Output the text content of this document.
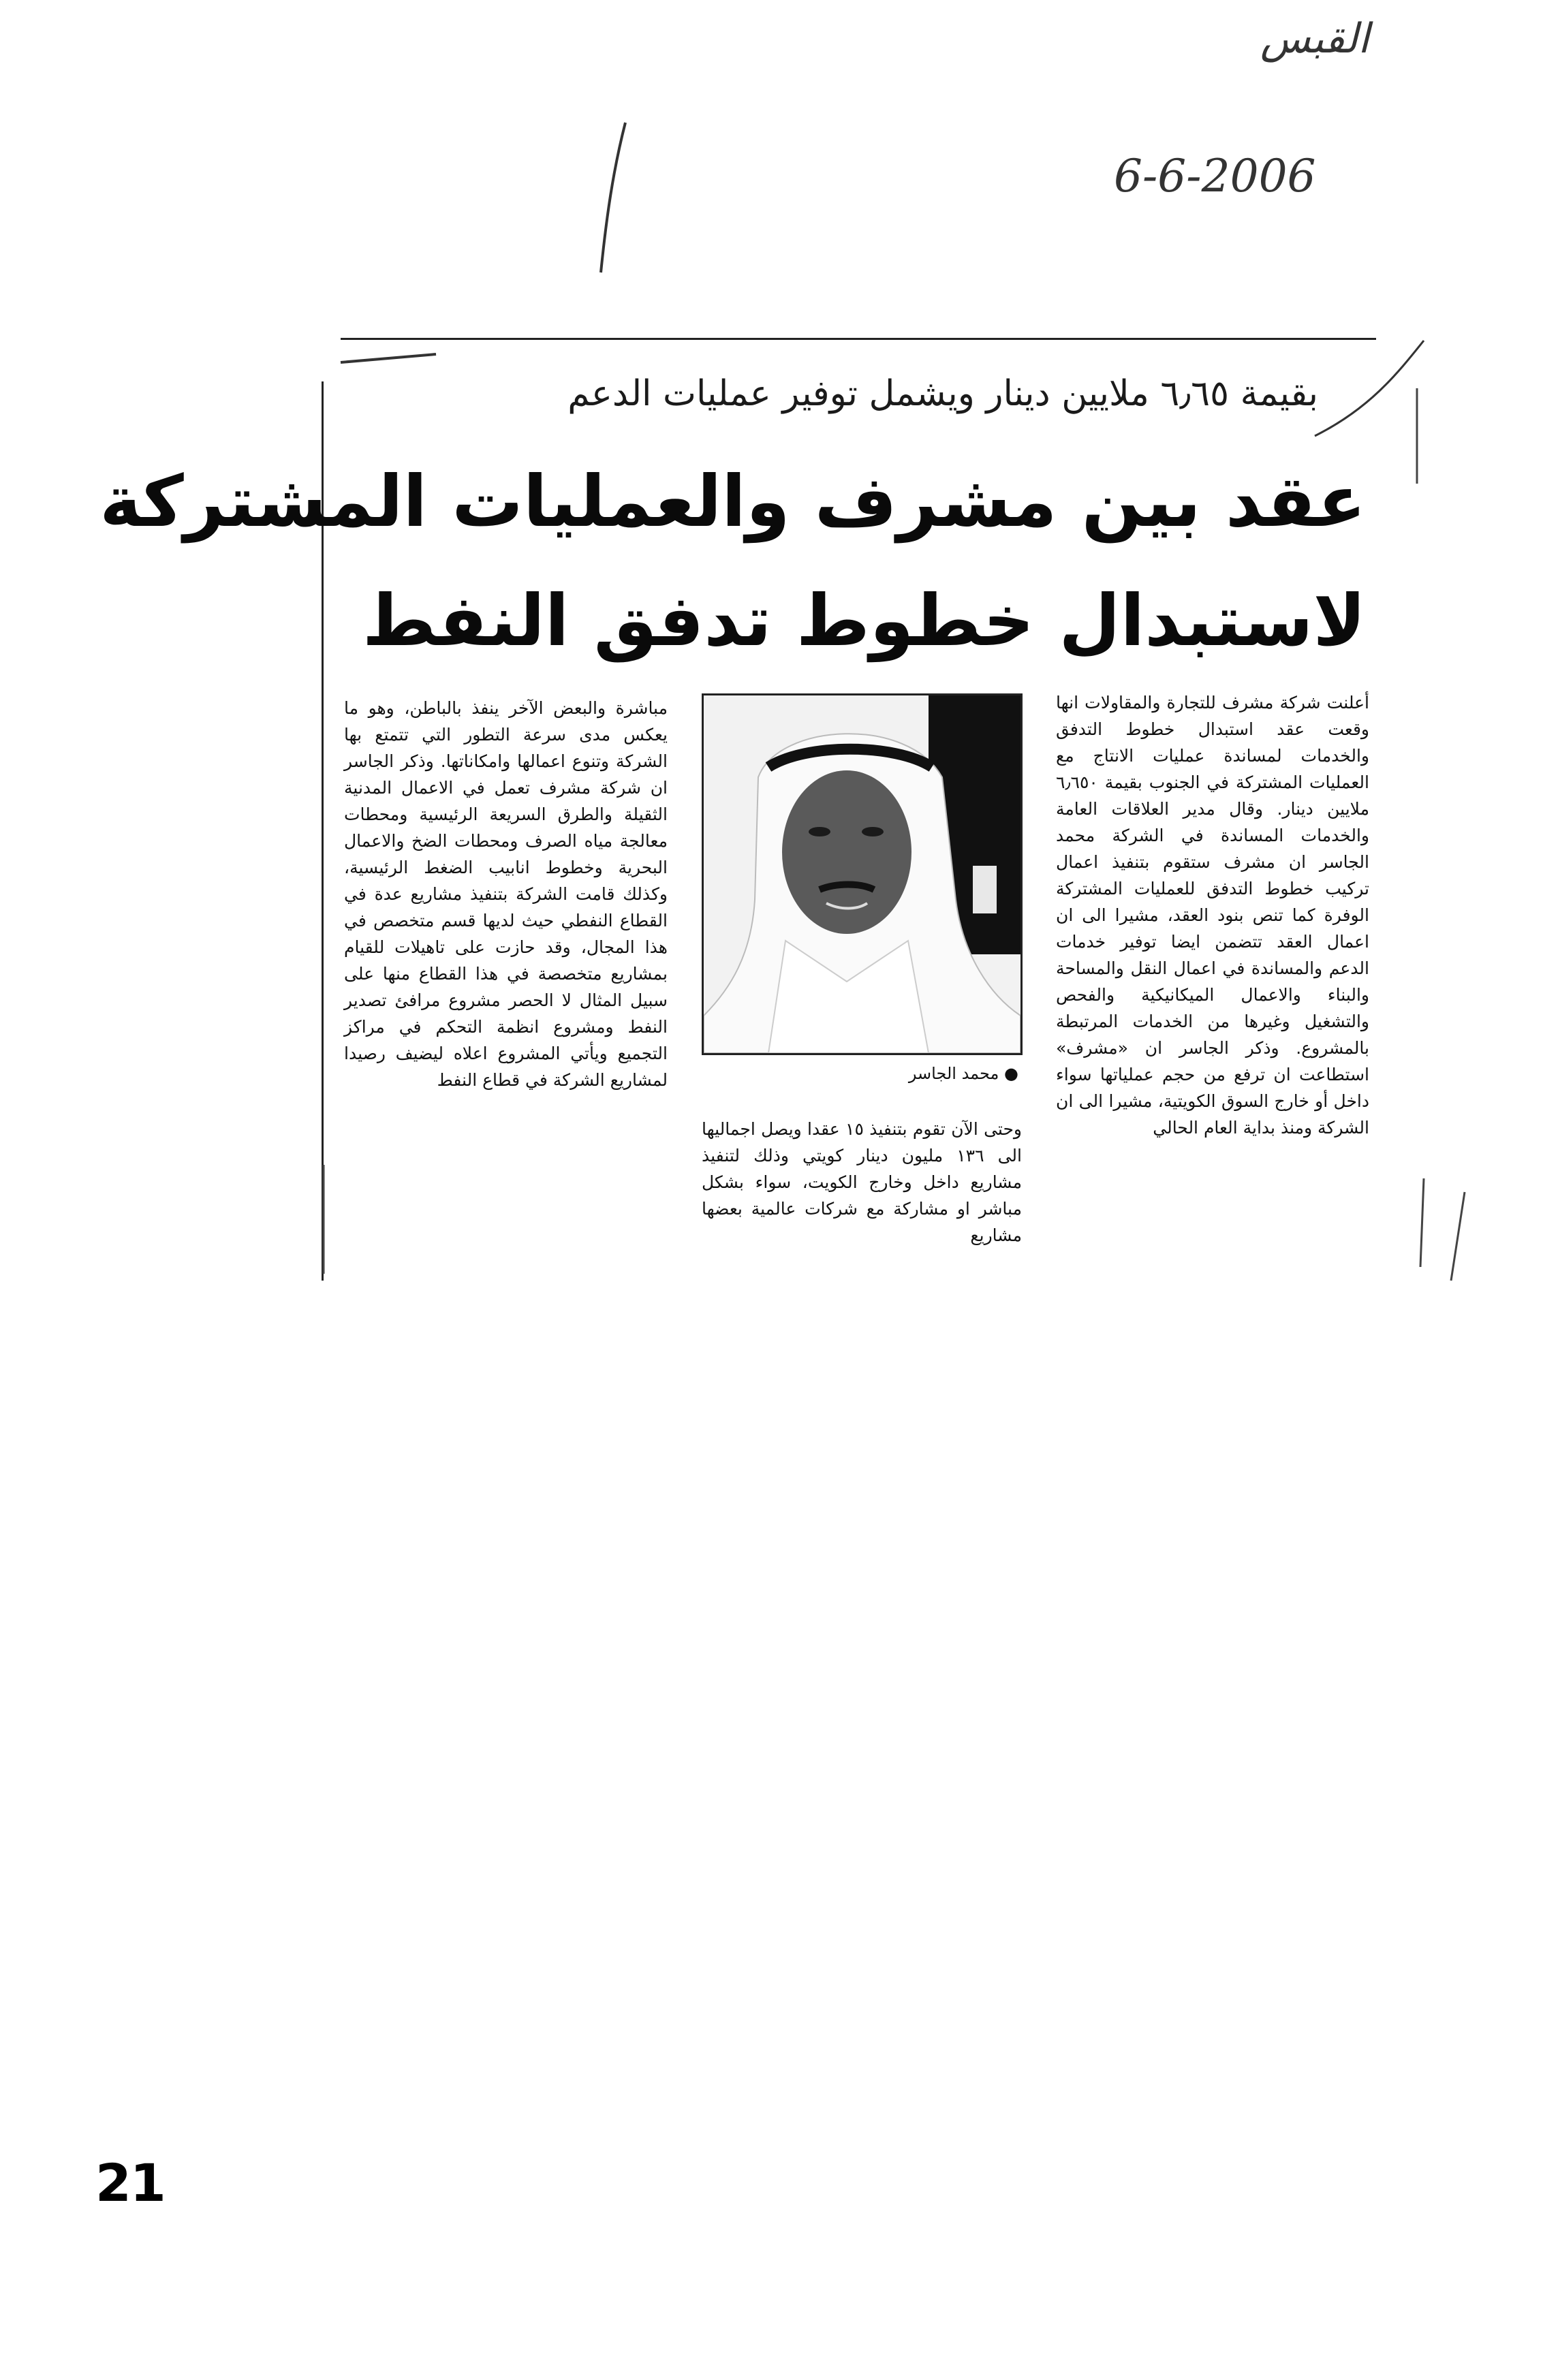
القبس
6-6-2006
بقيمة ٦٫٦٥ ملايين دينار ويشمل توفير عمليات الدعم
عقد بين مشرف والعمليات المشتركة
لاستبدال خطوط تدفق النفط

أعلنت شركة مشرف للتجارة والمقاولات انها وقعت عقد استبدال خطوط التدفق والخدمات لمساندة عمليات الانتاج مع العمليات المشتركة في الجنوب بقيمة ٦٫٦٥٠ ملايين دينار. وقال مدير العلاقات العامة والخدمات المساندة في الشركة محمد الجاسر ان مشرف ستقوم بتنفيذ اعمال تركيب خطوط التدفق للعمليات المشتركة الوفرة كما تنص بنود العقد، مشيرا الى ان اعمال العقد تتضمن ايضا توفير خدمات الدعم والمساندة في اعمال النقل والمساحة والبناء والاعمال الميكانيكية والفحص والتشغيل وغيرها من الخدمات المرتبطة بالمشروع. وذكر الجاسر ان «مشرف» استطاعت ان ترفع من حجم عملياتها سواء داخل أو خارج السوق الكويتية، مشيرا الى ان الشركة ومنذ بداية العام الحالي

وحتى الآن تقوم بتنفيذ ١٥ عقدا ويصل اجماليها الى ١٣٦ مليون دينار كويتي وذلك لتنفيذ مشاريع داخل وخارج الكويت، سواء بشكل مباشر او مشاركة مع شركات عالمية بعضها مشاريع

مباشرة والبعض الآخر ينفذ بالباطن، وهو ما يعكس مدى سرعة التطور التي تتمتع بها الشركة وتنوع اعمالها وامكاناتها. وذكر الجاسر ان شركة مشرف تعمل في الاعمال المدنية الثقيلة والطرق السريعة الرئيسية ومحطات معالجة مياه الصرف ومحطات الضخ والاعمال البحرية وخطوط انابيب الضغط الرئيسية، وكذلك قامت الشركة بتنفيذ مشاريع عدة في القطاع النفطي حيث لديها قسم متخصص في هذا المجال، وقد حازت على تاهيلات للقيام بمشاريع متخصصة في هذا القطاع منها على سبيل المثال لا الحصر مشروع مرافئ تصدير النفط ومشروع انظمة التحكم في مراكز التجميع ويأتي المشروع اعلاه ليضيف رصيدا لمشاريع الشركة في قطاع النفط	● محمد الجاسر
21
